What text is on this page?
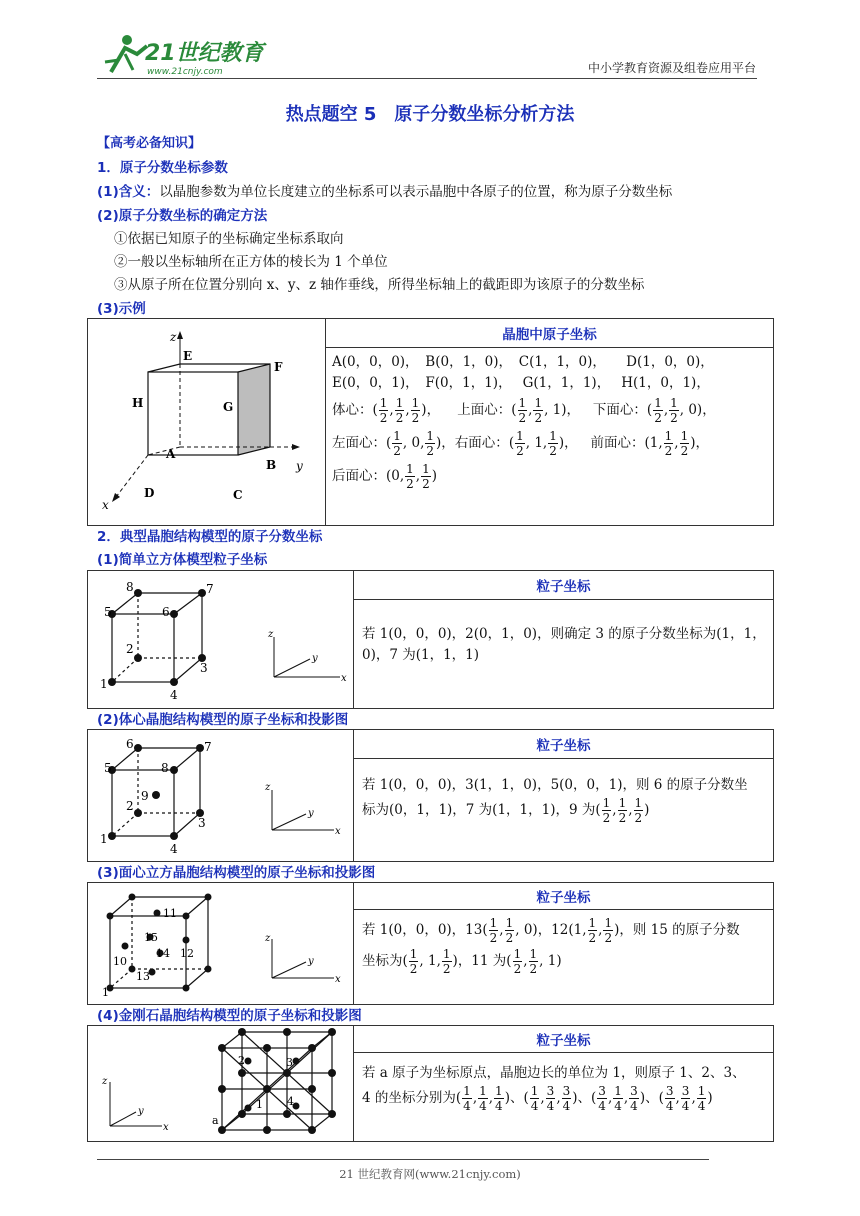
21世纪教育
www.21cnjy.com	中小学教育资源及组卷应用平台
热点题空 5　原子分数坐标分析方法
【高考必备知识】
1．原子分数坐标参数
(1)含义：以晶胞参数为单位长度建立的坐标系可以表示晶胞中各原子的位置，称为原子分数坐标
(2)原子分数坐标的确定方法
①依据已知原子的坐标确定坐标系取向
②一般以坐标轴所在正方体的棱长为 1 个单位
③从原子所在位置分别向 x、y、z 轴作垂线，所得坐标轴上的截距即为该原子的分数坐标
(3)示例
z
E
F
H	G
A
B y
D	C
x
	晶胞中原子坐标

A(0，0，0)，　B(0，1，0)，　C(1，1，0)，　　D(1，0，0)，
E(0，0，1)，　F(0，1，1)，　 G(1，1，1)，　 H(1，0，1)，
体心：( $\frac{1}{2}$ , $\frac{1}{2}$ , $\frac{1}{2}$ )，    上面心：( $\frac{1}{2}$ , $\frac{1}{2}$ , 1)，   下面心：( $\frac{1}{2}$ , $\frac{1}{2}$ , 0)，
左面心：( $\frac{1}{2}$ , 0, $\frac{1}{2}$ )，右面心：( $\frac{1}{2}$ , 1, $\frac{1}{2}$ )，   前面心：(1, $\frac{1}{2}$ , $\frac{1}{2}$ )，
后面心：(0, $\frac{1}{2}$ , $\frac{1}{2}$ )
2．典型晶胞结构模型的原子分数坐标
(1)简单立方体模型粒子坐标
8	7
5	6
2
3
1
4
z
y
x
	粒子坐标

若 1(0，0，0)，2(0，1，0)，则确定 3 的原子分数坐标为(1，1，
0)，7 为(1，1，1)
(2)体心晶胞结构模型的原子坐标和投影图
6	7
5	8
9
2
3
1
4
z
y
x
	粒子坐标

若 1(0，0，0)，3(1，1，0)，5(0，0，1)，则 6 的原子分数坐
标为(0，1，1)，7 为(1，1，1)，9 为( $\frac{1}{2}$ , $\frac{1}{2}$ , $\frac{1}{2}$ )
(3)面心立方晶胞结构模型的原子坐标和投影图
11
15
14 12
10
13
1
z
y
x
	粒子坐标

若 1(0，0，0)，$13( \frac{1}{2}$ , $\frac{1}{2}$ , 0)，12(1, $\frac{1}{2}$ , $\frac{1}{2}$ )，则 15 的原子分数
坐标为( $\frac{1}{2}$ , 1, $\frac{1}{2}$ )，11 为( $\frac{1}{2}$ , $\frac{1}{2}$ , 1)
(4)金刚石晶胞结构模型的原子坐标和投影图
z
y
x
2	3
1 4
a
	粒子坐标

若 a 原子为坐标原点，晶胞边长的单位为 1，则原子 1、2、3、
4 的坐标分别为( $\frac{1}{4}$ , $\frac{1}{4}$ , $\frac{1}{4}$ )、( $\frac{1}{4}$ , $\frac{3}{4}$ , $\frac{3}{4}$ )、( $\frac{3}{4}$ , $\frac{1}{4}$ , $\frac{3}{4}$ )、( $\frac{3}{4}$ , $\frac{3}{4}$ , $\frac{1}{4}$ )
21 世纪教育网(www.21cnjy.com)
